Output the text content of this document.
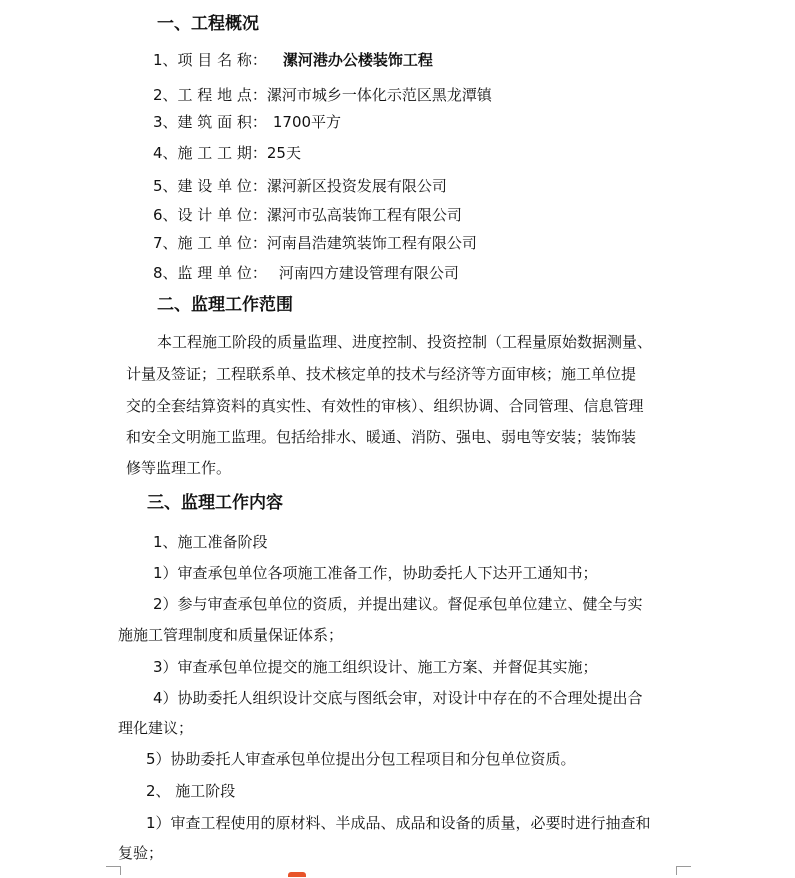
一、工程概况
1、项 目 名 称： 漯河港办公楼装饰工程
2、工 程 地 点：漯河市城乡一体化示范区黑龙潭镇
3、建 筑 面 积： 1700平方
4、施 工 工 期：25天
5、建 设 单 位：漯河新区投资发展有限公司
6、设 计 单 位：漯河市弘高装饰工程有限公司
7、施 工 单 位：河南昌浩建筑装饰工程有限公司
8、监 理 单 位： 河南四方建设管理有限公司
二、监理工作范围
本工程施工阶段的质量监理、进度控制、投资控制（工程量原始数据测量、
计量及签证；工程联系单、技术核定单的技术与经济等方面审核；施工单位提
交的全套结算资料的真实性、有效性的审核）、组织协调、合同管理、信息管理
和安全文明施工监理。包括给排水、暖通、消防、强电、弱电等安装；装饰装
修等监理工作。
三、监理工作内容
1、施工准备阶段
1）审查承包单位各项施工准备工作，协助委托人下达开工通知书；
2）参与审查承包单位的资质，并提出建议。督促承包单位建立、健全与实
施施工管理制度和质量保证体系；
3）审查承包单位提交的施工组织设计、施工方案、并督促其实施；
4）协助委托人组织设计交底与图纸会审，对设计中存在的不合理处提出合
理化建议；
5）协助委托人审查承包单位提出分包工程项目和分包单位资质。
2、 施工阶段
1）审查工程使用的原材料、半成品、成品和设备的质量，必要时进行抽查和
复验；
